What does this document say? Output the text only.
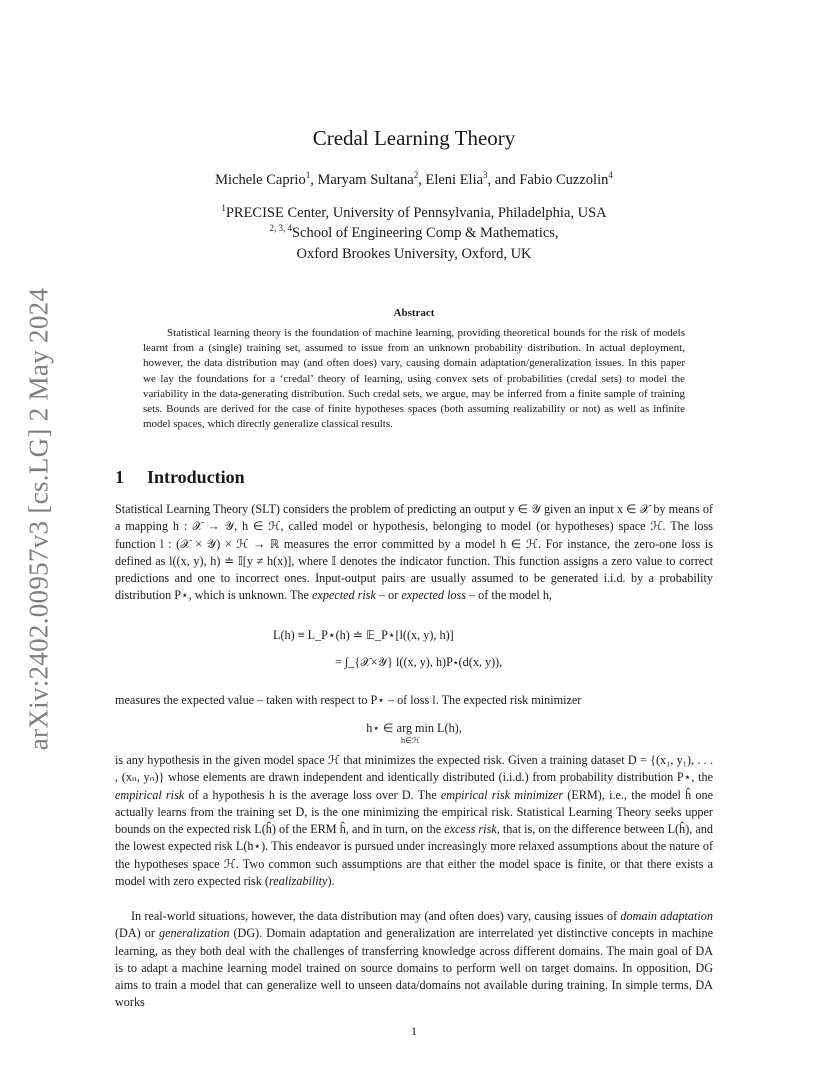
arXiv:2402.00957v3 [cs.LG] 2 May 2024
Credal Learning Theory
Michele Caprio$^1$, Maryam Sultana$^2$, Eleni Elia$^3$, and Fabio Cuzzolin$^4$
$^1$PRECISE Center, University of Pennsylvania, Philadelphia, USA
$^{2, 3, 4}$School of Engineering Comp & Mathematics,
Oxford Brookes University, Oxford, UK
Abstract

Statistical learning theory is the foundation of machine learning, providing theoretical bounds for the risk of models learnt from a (single) training set, assumed to issue from an unknown probability distribution. In actual deployment, however, the data distribution may (and often does) vary, causing domain adaptation/generalization issues. In this paper we lay the foundations for a ‘credal’ theory of learning, using convex sets of probabilities (credal sets) to model the variability in the data-generating distribution. Such credal sets, we argue, may be inferred from a finite sample of training sets. Bounds are derived for the case of finite hypotheses spaces (both assuming realizability or not) as well as infinite model spaces, which directly generalize classical results.

1 Introduction

Statistical Learning Theory (SLT) considers the problem of predicting an output y ∈ 𝒴 given an input x ∈ 𝒳 by means of a mapping h : 𝒳 → 𝒴, h ∈ ℋ, called model or hypothesis, belonging to model (or hypotheses) space ℋ. The loss function l : (𝒳 × 𝒴) × ℋ → ℝ measures the error committed by a model h ∈ ℋ. For instance, the zero-one loss is defined as l((x, y), h) ≐ 𝕀[y ≠ h(x)], where 𝕀 denotes the indicator function. This function assigns a zero value to correct predictions and one to incorrect ones. Input-output pairs are usually assumed to be generated i.i.d. by a probability distribution P⋆, which is unknown. The expected risk – or expected loss – of the model h,

L(h) ≡ L_P⋆(h) ≐ 𝔼_P⋆[l((x, y), h)]
= ∫_{𝒳×𝒴} l((x, y), h)P⋆(d(x, y)),

measures the expected value – taken with respect to P⋆ – of loss l. The expected risk minimizer

h⋆ ∈ arg min L(h),
h∈ℋ

is any hypothesis in the given model space ℋ that minimizes the expected risk. Given a training dataset D = {(x₁, y₁), . . . , (xₙ, yₙ)} whose elements are drawn independent and identically distributed (i.i.d.) from probability distribution P⋆, the empirical risk of a hypothesis h is the average loss over D. The empirical risk minimizer (ERM), i.e., the model ĥ one actually learns from the training set D, is the one minimizing the empirical risk. Statistical Learning Theory seeks upper bounds on the expected risk L(ĥ) of the ERM ĥ, and in turn, on the excess risk, that is, on the difference between L(ĥ), and the lowest expected risk L(h⋆). This endeavor is pursued under increasingly more relaxed assumptions about the nature of the hypotheses space ℋ. Two common such assumptions are that either the model space is finite, or that there exists a model with zero expected risk (realizability).

In real-world situations, however, the data distribution may (and often does) vary, causing issues of domain adaptation (DA) or generalization (DG). Domain adaptation and generalization are interrelated yet distinctive concepts in machine learning, as they both deal with the challenges of transferring knowledge across different domains. The main goal of DA is to adapt a machine learning model trained on source domains to perform well on target domains. In opposition, DG aims to train a model that can generalize well to unseen data/domains not available during training. In simple terms, DA works

1
